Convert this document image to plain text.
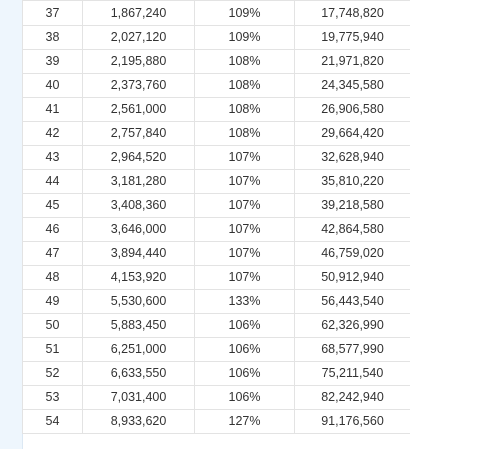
37	1,867,240	109%	17,748,820
38	2,027,120	109%	19,775,940
39	2,195,880	108%	21,971,820
40	2,373,760	108%	24,345,580
41	2,561,000	108%	26,906,580
42	2,757,840	108%	29,664,420
43	2,964,520	107%	32,628,940
44	3,181,280	107%	35,810,220
45	3,408,360	107%	39,218,580
46	3,646,000	107%	42,864,580
47	3,894,440	107%	46,759,020
48	4,153,920	107%	50,912,940
49	5,530,600	133%	56,443,540
50	5,883,450	106%	62,326,990
51	6,251,000	106%	68,577,990
52	6,633,550	106%	75,211,540
53	7,031,400	106%	82,242,940
54	8,933,620	127%	91,176,560
